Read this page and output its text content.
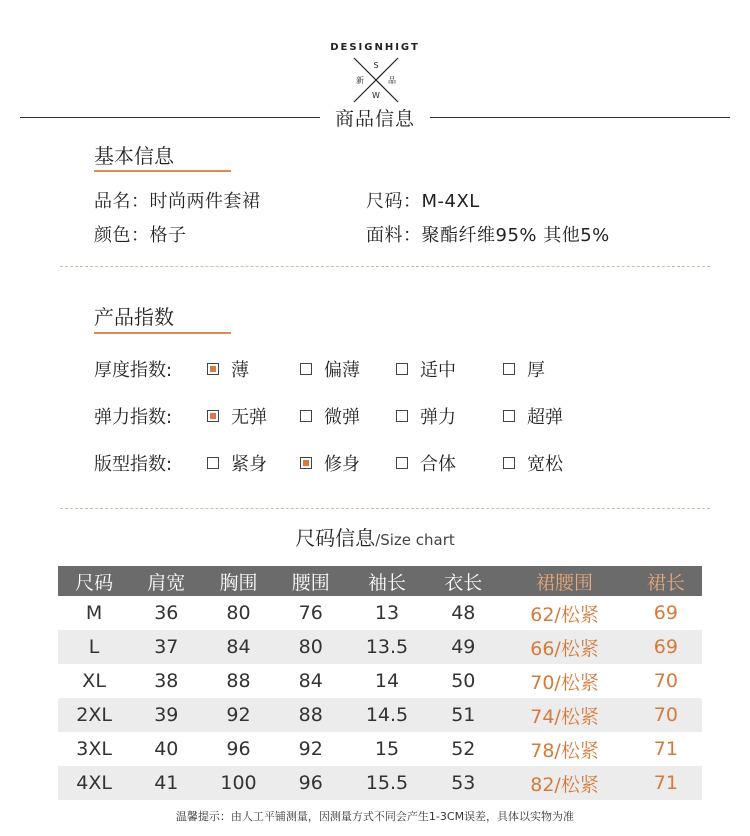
DESIGNHIGT
S
W
新	品
商品信息
基本信息
品名：时尚两件套裙	尺码：M-4XL
颜色：格子	面料：聚酯纤维95% 其他5%
产品指数
厚度指数:	薄	偏薄	适中	厚
弹力指数:	无弹	微弹	弹力	超弹
版型指数:	紧身	修身	合体	宽松
尺码信息/Size chart
尺码	肩宽	胸围	腰围	袖长	衣长	裙腰围	裙长
M	36	80	76	13	48	62/松紧	69
L	37	84	80	13.5	49	66/松紧	69
XL	38	88	84	14	50	70/松紧	70
2XL	39	92	88	14.5	51	74/松紧	70
3XL	40	96	92	15	52	78/松紧	71
4XL	41	100	96	15.5	53	82/松紧	71
温馨提示：由人工平铺测量，因测量方式不同会产生1-3CM误差，具体以实物为准
